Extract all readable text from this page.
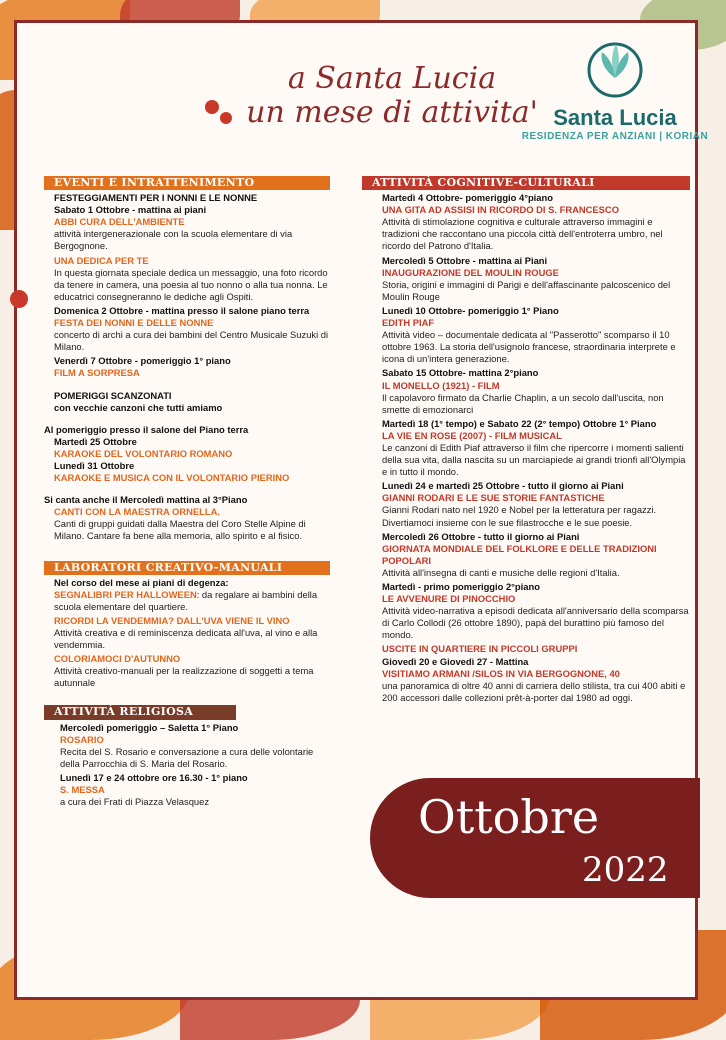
a Santa Lucia
un mese di attivita' Santa Lucia
RESIDENZA PER ANZIANI | KORIAN
EVENTI E INTRATTENIMENTO
FESTEGGIAMENTI PER I NONNI E LE NONNE
Sabato 1 Ottobre - mattina ai piani
ABBI CURA DELL'AMBIENTE
attività intergenerazionale con la scuola elementare di via Bergognone.
UNA DEDICA PER TE
In questa giornata speciale dedica un messaggio, una foto ricordo da tenere in camera, una poesia al tuo nonno o alla tua nonna. Le educatrici consegneranno le dediche agli Ospiti.
Domenica 2 Ottobre - mattina presso il salone piano terra
FESTA DEI NONNI E DELLE NONNE
concerto di archi a cura dei bambini del Centro Musicale Suzuki di Milano.
Venerdì 7 Ottobre - pomeriggio 1° piano
FILM A SORPRESA
POMERIGGI SCANZONATI
con vecchie canzoni che tutti amiamo
Al pomeriggio presso il salone del Piano terra
Martedì 25 Ottobre
KARAOKE DEL VOLONTARIO ROMANO
Lunedì 31 Ottobre
KARAOKE E MUSICA CON IL VOLONTARIO PIERINO
Si canta anche il Mercoledì mattina al 3°Piano
CANTI CON LA MAESTRA ORNELLA.
Canti di gruppi guidati dalla Maestra del Coro Stelle Alpine di Milano. Cantare fa bene alla memoria, allo spirito e al fisico.
LABORATORI CREATIVO-MANUALI
Nel corso del mese ai piani di degenza:
SEGNALIBRI PER HALLOWEEN: da regalare ai bambini della scuola elementare del quartiere.
RICORDI LA VENDEMMIA? DALL'UVA VIENE IL VINO
Attività creativa e di reminiscenza dedicata all'uva, al vino e alla vendemmia.
COLORIAMOCI D'AUTUNNO
Attività creativo-manuali per la realizzazione di soggetti a tema autunnale
ATTIVITÀ RELIGIOSA
Mercoledì pomeriggio – Saletta 1° Piano
ROSARIO
Recita del S. Rosario e conversazione a cura delle volontarie della Parrocchia di S. Maria del Rosario.
Lunedì 17 e 24 ottobre ore 16.30 - 1° piano
S. MESSA
a cura dei Frati di Piazza Velasquez
ATTIVITÀ COGNITIVE-CULTURALI
Martedì 4 Ottobre- pomeriggio 4°piano
UNA GITA AD ASSISI IN RICORDO DI S. FRANCESCO
Attività di stimolazione cognitiva e culturale attraverso immagini e tradizioni che raccontano una piccola città dell'entroterra umbro, nel ricordo del Patrono d'Italia.
Mercoledì 5 Ottobre - mattina ai Piani
INAUGURAZIONE DEL MOULIN ROUGE
Storia, origini e immagini di Parigi e dell'affascinante palcoscenico del Moulin Rouge
Lunedì 10 Ottobre- pomeriggio 1° Piano
EDITH PIAF
Attività video – documentale dedicata al "Passerotto" scomparso il 10 ottobre 1963. La storia dell'usignolo francese, straordinaria interprete e icona di un'intera generazione.
Sabato 15 Ottobre- mattina 2°piano
IL MONELLO (1921) - FILM
Il capolavoro firmato da Charlie Chaplin, a un secolo dall'uscita, non smette di emozionarci
Martedì 18 (1° tempo) e Sabato 22 (2° tempo) Ottobre 1° Piano
LA VIE EN ROSE (2007) - FILM MUSICAL
Le canzoni di Edith Piaf attraverso il film che ripercorre i momenti salienti della sua vita, dalla nascita su un marciapiede ai grandi trionfi all'Olympia e in tutto il mondo.
Lunedì 24 e martedì 25 Ottobre - tutto il giorno ai Piani
GIANNI RODARI E LE SUE STORIE FANTASTICHE
Gianni Rodari nato nel 1920 e Nobel per la letteratura per ragazzi. Divertiamoci insieme con le sue filastrocche e le sue poesie.
Mercoledì 26 Ottobre - tutto il giorno ai Piani
GIORNATA MONDIALE DEL FOLKLORE E DELLE TRADIZIONI POPOLARI
Attività all'insegna di canti e musiche delle regioni d'Italia.
Martedì - primo pomeriggio 2°piano
LE AVVENURE DI PINOCCHIO
Attività video-narrativa a episodi dedicata all'anniversario della scomparsa di Carlo Collodi (26 ottobre 1890), papà del burattino più famoso del mondo.
USCITE IN QUARTIERE IN PICCOLI GRUPPI
Giovedì 20 e Giovedì 27 - Mattina
VISITIAMO ARMANI /SILOS IN VIA BERGOGNONE, 40
una panoramica di oltre 40 anni di carriera dello stilista, tra cui 400 abiti e 200 accessori dalle collezioni prêt-à-porter dal 1980 ad oggi.
Ottobre
2022
